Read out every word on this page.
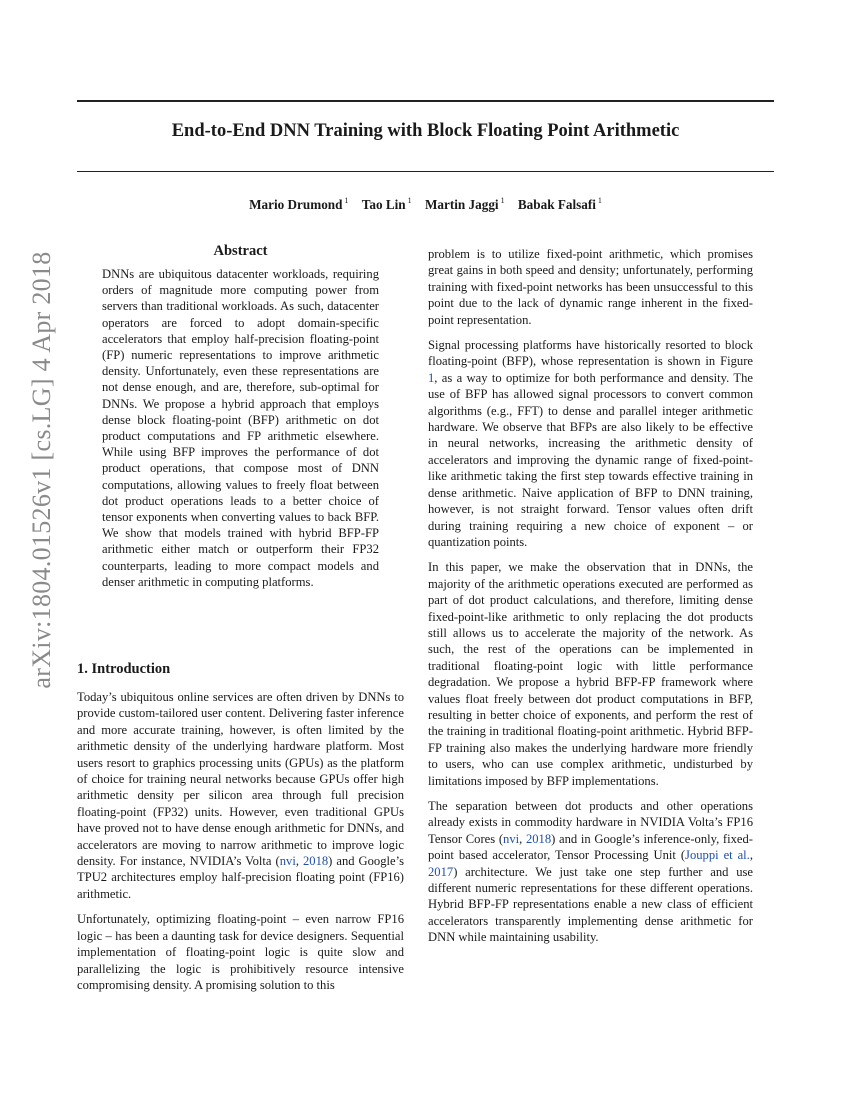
End-to-End DNN Training with Block Floating Point Arithmetic
Mario Drumond $^1$ Tao Lin $^1$ Martin Jaggi $^1$ Babak Falsafi $^1$
arXiv:1804.01526v1 [cs.LG] 4 Apr 2018
Abstract

DNNs are ubiquitous datacenter workloads, requiring orders of magnitude more computing power from servers than traditional workloads. As such, datacenter operators are forced to adopt domain-specific accelerators that employ half-precision floating-point (FP) numeric representations to improve arithmetic density. Unfortunately, even these representations are not dense enough, and are, therefore, sub-optimal for DNNs. We propose a hybrid approach that employs dense block floating-point (BFP) arithmetic on dot product computations and FP arithmetic elsewhere. While using BFP improves the performance of dot product operations, that compose most of DNN computations, allowing values to freely float between dot product operations leads to a better choice of tensor exponents when converting values to back BFP. We show that models trained with hybrid BFP-FP arithmetic either match or outperform their FP32 counterparts, leading to more compact models and denser arithmetic in computing platforms.

1. Introduction

Today’s ubiquitous online services are often driven by DNNs to provide custom-tailored user content. Delivering faster inference and more accurate training, however, is often limited by the arithmetic density of the underlying hardware platform. Most users resort to graphics processing units (GPUs) as the platform of choice for training neural networks because GPUs offer high arithmetic density per silicon area through full precision floating-point (FP32) units. However, even traditional GPUs have proved not to have dense enough arithmetic for DNNs, and accelerators are moving to narrow arithmetic to improve logic density. For instance, NVIDIA’s Volta (nvi, 2018) and Google’s TPU2 architectures employ half-precision floating point (FP16) arithmetic.

Unfortunately, optimizing floating-point – even narrow FP16 logic – has been a daunting task for device designers. Sequential implementation of floating-point logic is quite slow and parallelizing the logic is prohibitively resource intensive compromising density. A promising solution to this

problem is to utilize fixed-point arithmetic, which promises great gains in both speed and density; unfortunately, performing training with fixed-point networks has been unsuccessful to this point due to the lack of dynamic range inherent in the fixed-point representation.

Signal processing platforms have historically resorted to block floating-point (BFP), whose representation is shown in Figure 1, as a way to optimize for both performance and density. The use of BFP has allowed signal processors to convert common algorithms (e.g., FFT) to dense and parallel integer arithmetic hardware. We observe that BFPs are also likely to be effective in neural networks, increasing the arithmetic density of accelerators and improving the dynamic range of fixed-point-like arithmetic taking the first step towards effective training in dense arithmetic. Naive application of BFP to DNN training, however, is not straight forward. Tensor values often drift during training requiring a new choice of exponent – or quantization points.

In this paper, we make the observation that in DNNs, the majority of the arithmetic operations executed are performed as part of dot product calculations, and therefore, limiting dense fixed-point-like arithmetic to only replacing the dot products still allows us to accelerate the majority of the network. As such, the rest of the operations can be implemented in traditional floating-point logic with little performance degradation. We propose a hybrid BFP-FP framework where values float freely between dot product computations in BFP, resulting in better choice of exponents, and perform the rest of the training in traditional floating-point arithmetic. Hybrid BFP-FP training also makes the underlying hardware more friendly to users, who can use complex arithmetic, undisturbed by limitations imposed by BFP implementations.

The separation between dot products and other operations already exists in commodity hardware in NVIDIA Volta’s FP16 Tensor Cores (nvi, 2018) and in Google’s inference-only, fixed-point based accelerator, Tensor Processing Unit (Jouppi et al., 2017) architecture. We just take one step further and use different numeric representations for these different operations. Hybrid BFP-FP representations enable a new class of efficient accelerators transparently implementing dense arithmetic for DNN while maintaining usability.
